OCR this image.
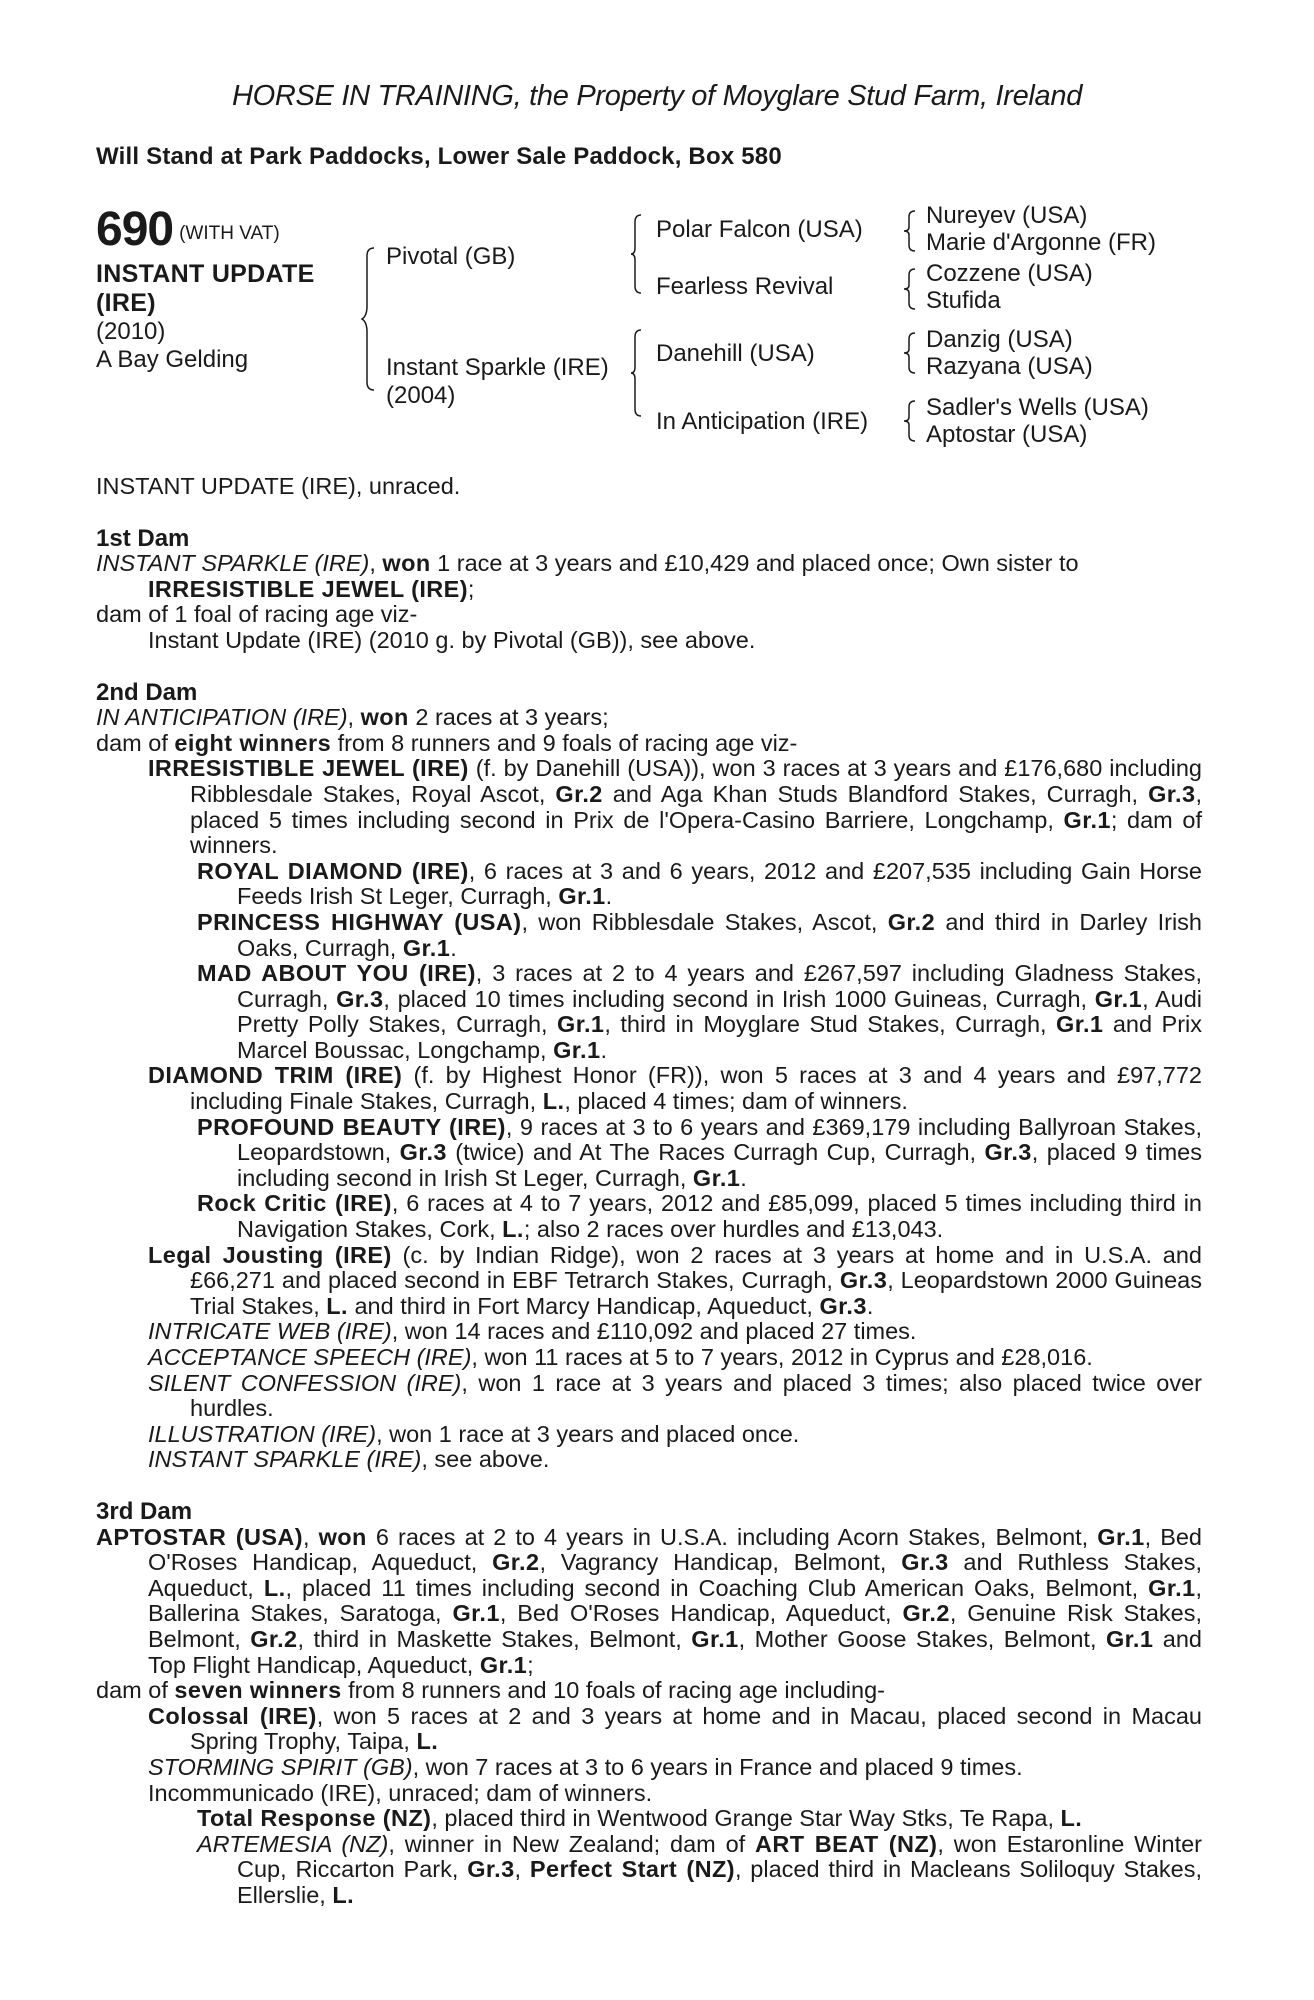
HORSE IN TRAINING, the Property of Moyglare Stud Farm, Ireland
Will Stand at Park Paddocks, Lower Sale Paddock, Box 580
690 (WITH VAT)
INSTANT UPDATE
(IRE)
(2010)
A Bay Gelding
Pivotal (GB)
Instant Sparkle (IRE)
(2004)
Polar Falcon (USA)
Fearless Revival
Danehill (USA)
In Anticipation (IRE)
Nureyev (USA)
Marie d'Argonne (FR)
Cozzene (USA)
Stufida
Danzig (USA)
Razyana (USA)
Sadler's Wells (USA)
Aptostar (USA)

INSTANT UPDATE (IRE), unraced.

1st Dam

INSTANT SPARKLE (IRE), won 1 race at 3 years and £10,429 and placed once; Own sister to

IRRESISTIBLE JEWEL (IRE);

dam of 1 foal of racing age viz-

Instant Update (IRE) (2010 g. by Pivotal (GB)), see above.

2nd Dam

IN ANTICIPATION (IRE), won 2 races at 3 years;

dam of eight winners from 8 runners and 9 foals of racing age viz-

IRRESISTIBLE JEWEL (IRE) (f. by Danehill (USA)), won 3 races at 3 years and £176,680 including Ribblesdale Stakes, Royal Ascot, Gr.2 and Aga Khan Studs Blandford Stakes, Curragh, Gr.3, placed 5 times including second in Prix de l'Opera-Casino Barriere, Longchamp, Gr.1; dam of winners.

ROYAL DIAMOND (IRE), 6 races at 3 and 6 years, 2012 and £207,535 including Gain Horse Feeds Irish St Leger, Curragh, Gr.1.

PRINCESS HIGHWAY (USA), won Ribblesdale Stakes, Ascot, Gr.2 and third in Darley Irish Oaks, Curragh, Gr.1.

MAD ABOUT YOU (IRE), 3 races at 2 to 4 years and £267,597 including Gladness Stakes, Curragh, Gr.3, placed 10 times including second in Irish 1000 Guineas, Curragh, Gr.1, Audi Pretty Polly Stakes, Curragh, Gr.1, third in Moyglare Stud Stakes, Curragh, Gr.1 and Prix Marcel Boussac, Longchamp, Gr.1.

DIAMOND TRIM (IRE) (f. by Highest Honor (FR)), won 5 races at 3 and 4 years and £97,772 including Finale Stakes, Curragh, L., placed 4 times; dam of winners.

PROFOUND BEAUTY (IRE), 9 races at 3 to 6 years and £369,179 including Ballyroan Stakes, Leopardstown, Gr.3 (twice) and At The Races Curragh Cup, Curragh, Gr.3, placed 9 times including second in Irish St Leger, Curragh, Gr.1.

Rock Critic (IRE), 6 races at 4 to 7 years, 2012 and £85,099, placed 5 times including third in Navigation Stakes, Cork, L.; also 2 races over hurdles and £13,043.

Legal Jousting (IRE) (c. by Indian Ridge), won 2 races at 3 years at home and in U.S.A. and £66,271 and placed second in EBF Tetrarch Stakes, Curragh, Gr.3, Leopardstown 2000 Guineas Trial Stakes, L. and third in Fort Marcy Handicap, Aqueduct, Gr.3.

INTRICATE WEB (IRE), won 14 races and £110,092 and placed 27 times.

ACCEPTANCE SPEECH (IRE), won 11 races at 5 to 7 years, 2012 in Cyprus and £28,016.

SILENT CONFESSION (IRE), won 1 race at 3 years and placed 3 times; also placed twice over hurdles.

ILLUSTRATION (IRE), won 1 race at 3 years and placed once.

INSTANT SPARKLE (IRE), see above.

3rd Dam

APTOSTAR (USA), won 6 races at 2 to 4 years in U.S.A. including Acorn Stakes, Belmont, Gr.1, Bed O'Roses Handicap, Aqueduct, Gr.2, Vagrancy Handicap, Belmont, Gr.3 and Ruthless Stakes, Aqueduct, L., placed 11 times including second in Coaching Club American Oaks, Belmont, Gr.1, Ballerina Stakes, Saratoga, Gr.1, Bed O'Roses Handicap, Aqueduct, Gr.2, Genuine Risk Stakes, Belmont, Gr.2, third in Maskette Stakes, Belmont, Gr.1, Mother Goose Stakes, Belmont, Gr.1 and Top Flight Handicap, Aqueduct, Gr.1;

dam of seven winners from 8 runners and 10 foals of racing age including-

Colossal (IRE), won 5 races at 2 and 3 years at home and in Macau, placed second in Macau Spring Trophy, Taipa, L.

STORMING SPIRIT (GB), won 7 races at 3 to 6 years in France and placed 9 times.

Incommunicado (IRE), unraced; dam of winners.

Total Response (NZ), placed third in Wentwood Grange Star Way Stks, Te Rapa, L.

ARTEMESIA (NZ), winner in New Zealand; dam of ART BEAT (NZ), won Estaronline Winter Cup, Riccarton Park, Gr.3, Perfect Start (NZ), placed third in Macleans Soliloquy Stakes, Ellerslie, L.
